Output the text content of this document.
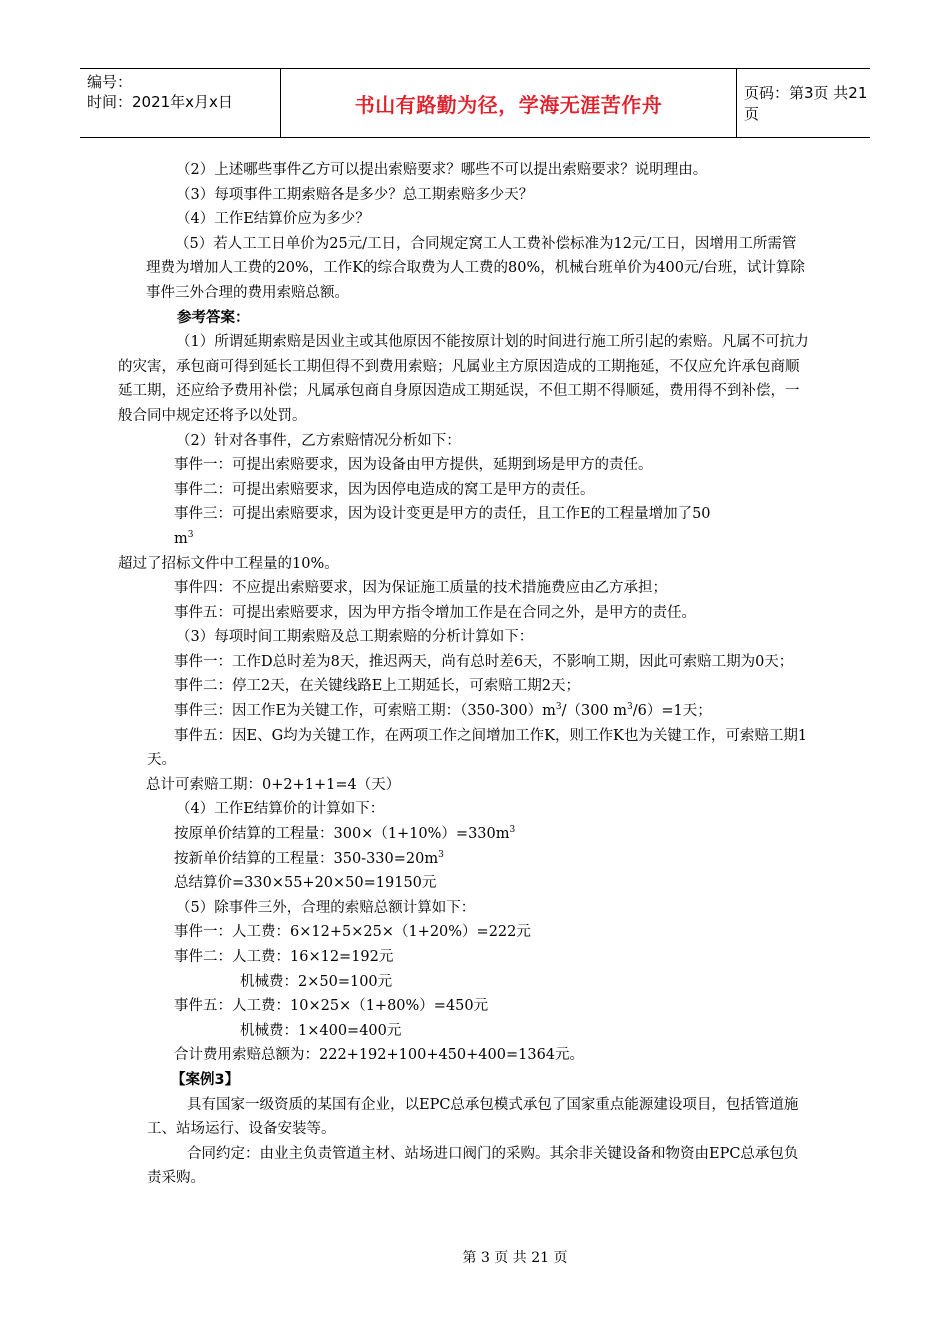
编号：
时间：2021年x月x日	书山有路勤为径，学海无涯苦作舟	页码：第3页 共21页

（2）上述哪些事件乙方可以提出索赔要求？哪些不可以提出索赔要求？说明理由。

（3）每项事件工期索赔各是多少？总工期索赔多少天？

（4）工作E结算价应为多少？

（5）若人工工日单价为25元/工日，合同规定窝工人工费补偿标准为12元/工日，因增用工所需管理费为增加人工费的20%，工作K的综合取费为人工费的80%，机械台班单价为400元/台班，试计算除事件三外合理的费用索赔总额。

参考答案：

（1）所谓延期索赔是因业主或其他原因不能按原计划的时间进行施工所引起的索赔。凡属不可抗力的灾害，承包商可得到延长工期但得不到费用索赔；凡属业主方原因造成的工期拖延，不仅应允许承包商顺延工期，还应给予费用补偿；凡属承包商自身原因造成工期延误，不但工期不得顺延，费用得不到补偿，一般合同中规定还将予以处罚。

（2）针对各事件，乙方索赔情况分析如下：

事件一：可提出索赔要求，因为设备由甲方提供，延期到场是甲方的责任。

事件二：可提出索赔要求，因为因停电造成的窝工是甲方的责任。

事件三：可提出索赔要求，因为设计变更是甲方的责任，且工作E的工程量增加了50

$m^3$

超过了招标文件中工程量的10%。

事件四：不应提出索赔要求，因为保证施工质量的技术措施费应由乙方承担；

事件五：可提出索赔要求，因为甲方指令增加工作是在合同之外，是甲方的责任。

（3）每项时间工期索赔及总工期索赔的分析计算如下：

事件一：工作D总时差为8天，推迟两天，尚有总时差6天，不影响工期，因此可索赔工期为0天；

事件二：停工2天，在关键线路E上工期延长，可索赔工期2天；

事件三：因工作E为关键工作，可索赔工期：$(350-300)m^3/(300$ $m^3/6)=1$天；

事件五：因E、G均为关键工作，在两项工作之间增加工作K，则工作K也为关键工作，可索赔工期1天。

总计可索赔工期：0+2+1+1=4（天）

（4）工作E结算价的计算如下：

按原单价结算的工程量：$300\times(1+10\%)=330m^3$

按新单价结算的工程量：$350-330=20m^3$

总结算价=330×55+20×50=19150元

（5）除事件三外，合理的索赔总额计算如下：

事件一：人工费：6×12+5×25×（1+20%）=222元

事件二：人工费：16×12=192元

机械费：2×50=100元

事件五：人工费：10×25×（1+80%）=450元

机械费：1×400=400元

合计费用索赔总额为：222+192+100+450+400=1364元。

【案例3】

具有国家一级资质的某国有企业，以EPC总承包模式承包了国家重点能源建设项目，包括管道施工、站场运行、设备安装等。

合同约定：由业主负责管道主材、站场进口阀门的采购。其余非关键设备和物资由EPC总承包负责采购。

第 3 页 共 21 页
